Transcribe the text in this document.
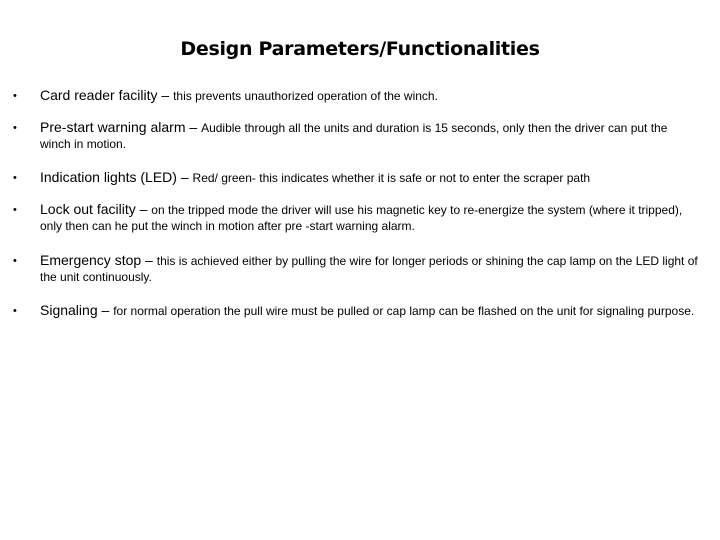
Design Parameters/Functionalities
•	Card reader facility – this prevents unauthorized operation of the winch.
•	Pre-start warning alarm – Audible through all the units and duration is 15 seconds, only then the driver can put the winch in motion.
•	Indication lights (LED) – Red/ green- this indicates whether it is safe or not to enter the scraper path
•	Lock out facility – on the tripped mode the driver will use his magnetic key to re-energize the system (where it tripped), only then can he put the winch in motion after pre -start warning alarm.
•	Emergency stop – this is achieved either by pulling the wire for longer periods or shining the cap lamp on the LED light of the unit continuously.
•	Signaling – for normal operation the pull wire must be pulled or cap lamp can be flashed on the unit for signaling purpose.
